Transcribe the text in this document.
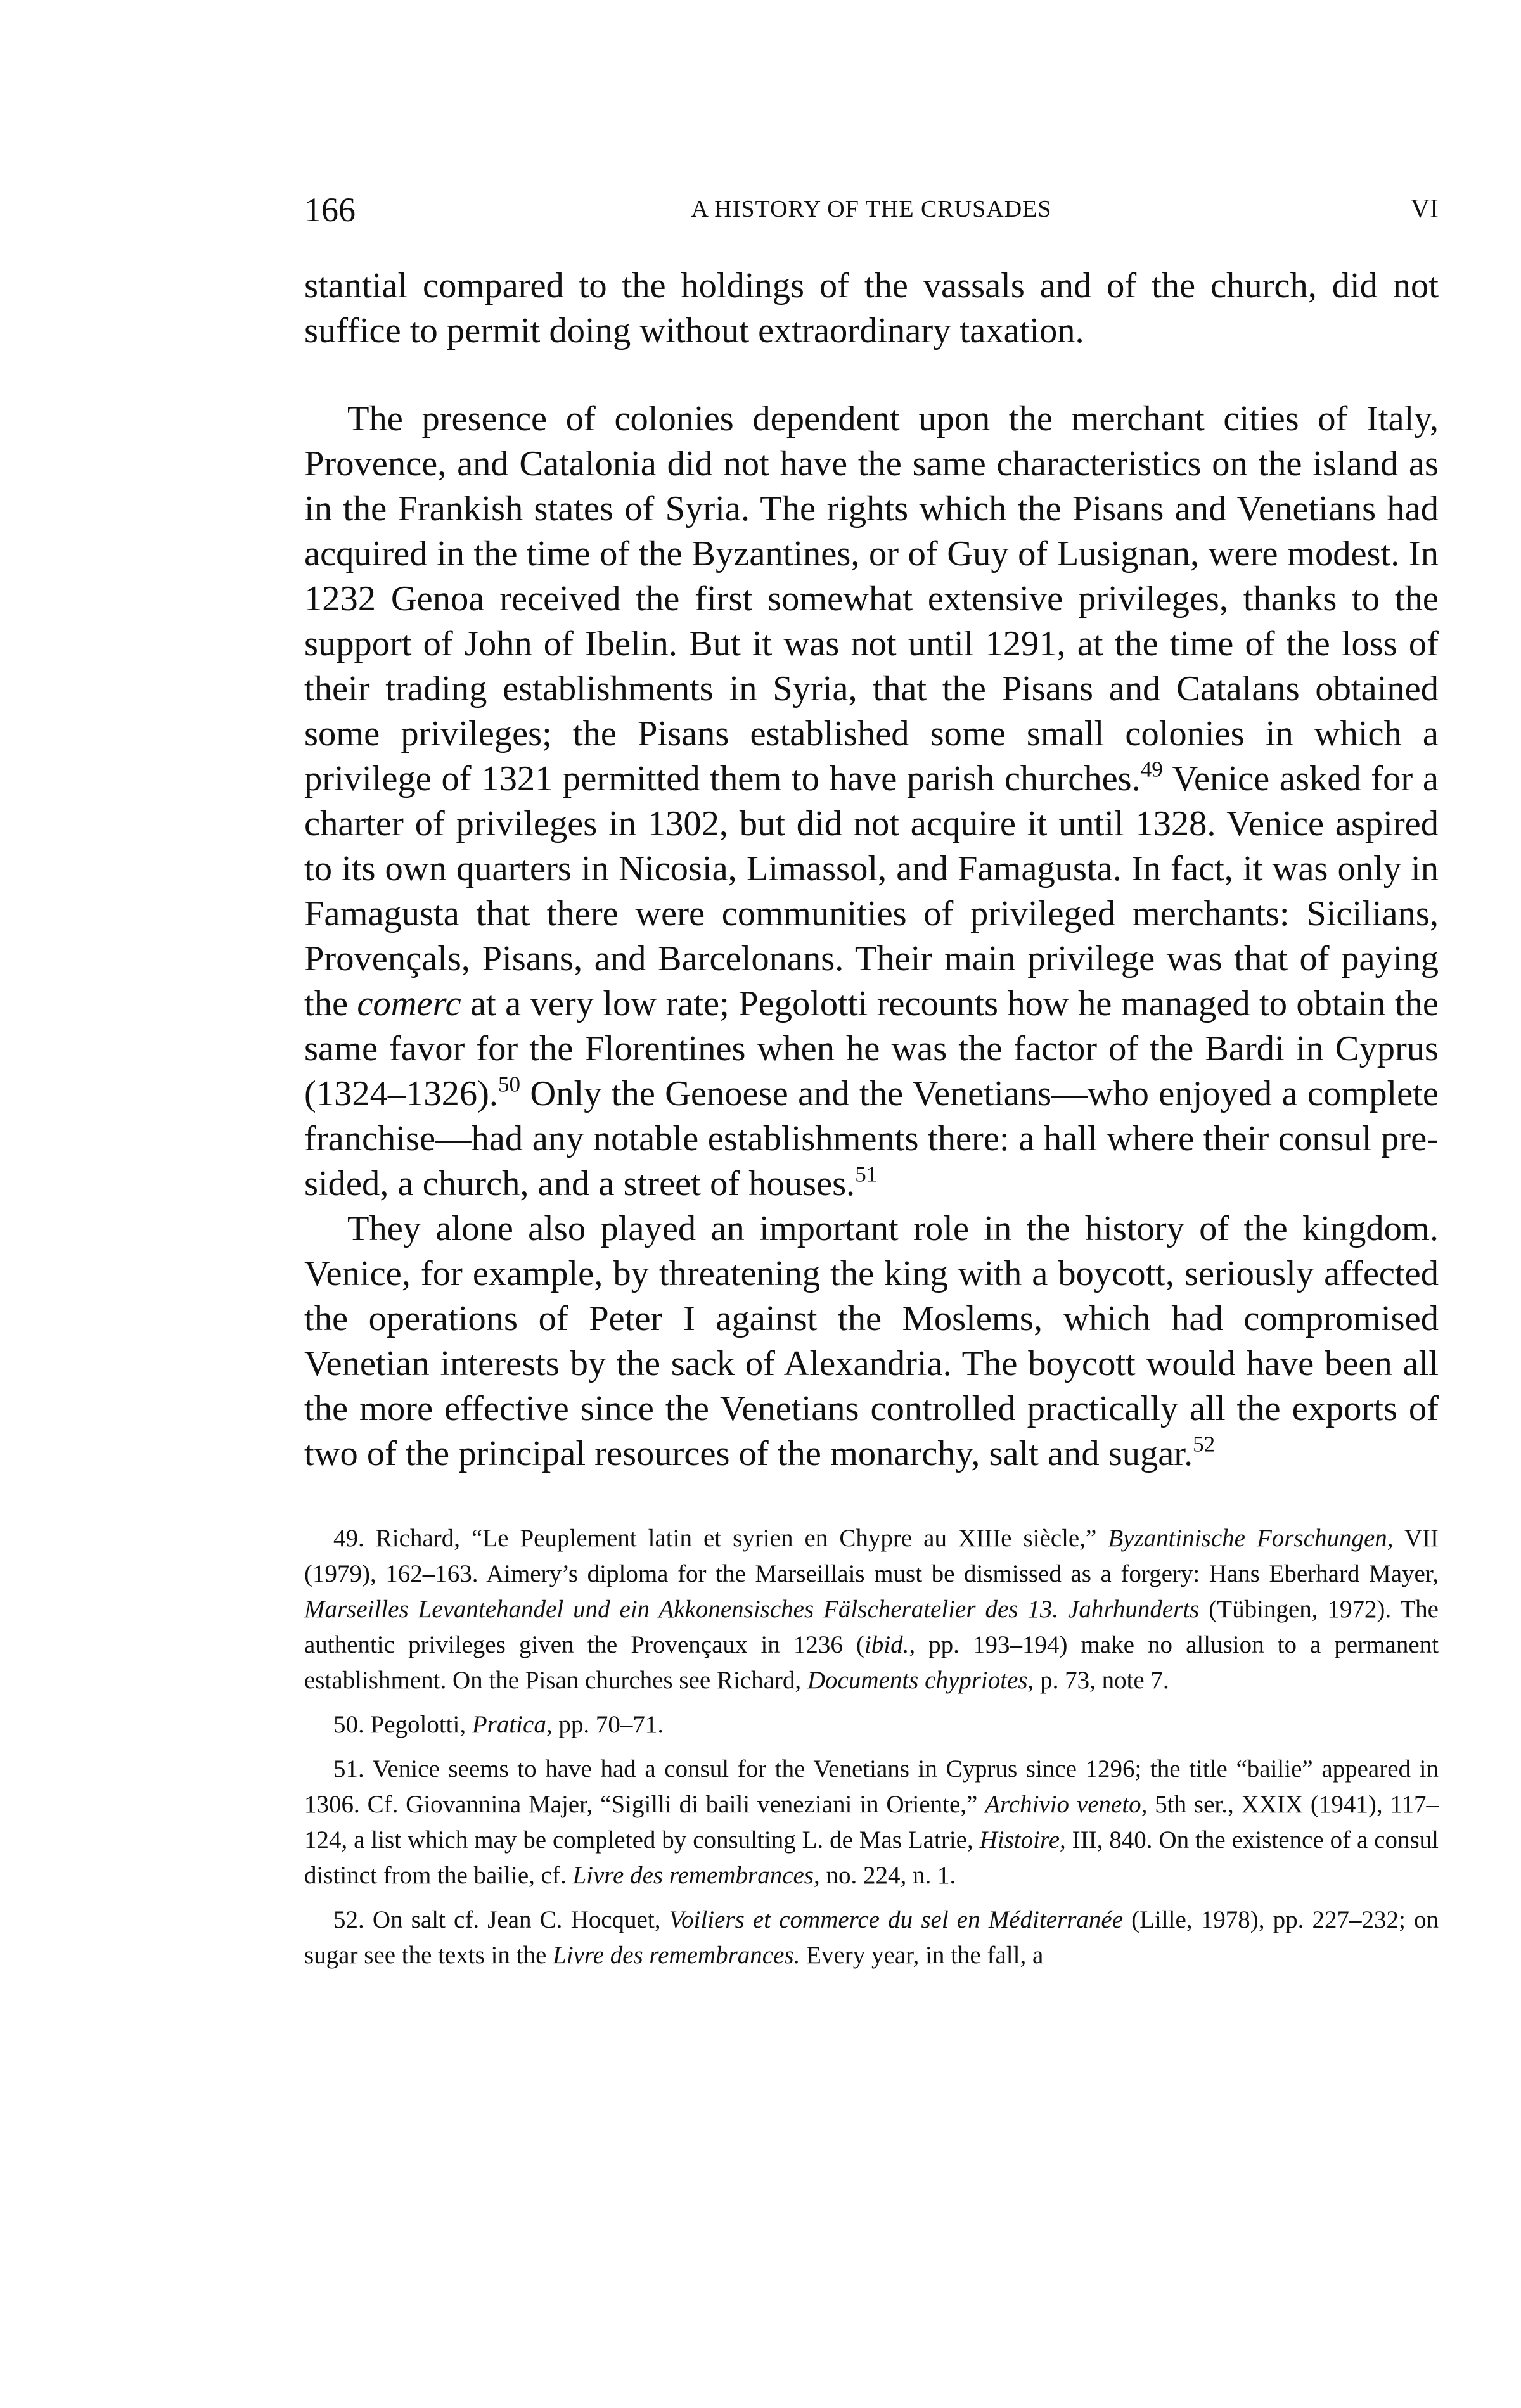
166	A HISTORY OF THE CRUSADES	VI

stantial compared to the holdings of the vassals and of the church, did not suffice to permit doing without extraordinary taxation.

The presence of colonies dependent upon the merchant cities of Italy, Provence, and Catalonia did not have the same characteristics on the island as in the Frankish states of Syria. The rights which the Pisans and Venetians had acquired in the time of the Byzantines, or of Guy of Lusignan, were modest. In 1232 Genoa received the first somewhat extensive privileges, thanks to the support of John of Ibelin. But it was not until 1291, at the time of the loss of their trading establishments in Syria, that the Pisans and Catalans obtained some privileges; the Pisans established some small colonies in which a privilege of 1321 permitted them to have parish churches.$^{49}$ Venice asked for a charter of privileges in 1302, but did not acquire it until 1328. Venice aspired to its own quarters in Nicosia, Limassol, and Famagusta. In fact, it was only in Famagusta that there were communities of privileged merchants: Sicilians, Provençals, Pisans, and Barcelonans. Their main privilege was that of paying the comerc at a very low rate; Pegolotti recounts how he managed to obtain the same favor for the Florentines when he was the factor of the Bardi in Cyprus (1324–1326).$^{50}$ Only the Genoese and the Venetians—who enjoyed a complete franchise—had any notable establishments there: a hall where their consul presided, a church, and a street of houses.$^{51}$

They alone also played an important role in the history of the kingdom. Venice, for example, by threatening the king with a boycott, seriously affected the operations of Peter I against the Moslems, which had compromised Venetian interests by the sack of Alexandria. The boycott would have been all the more effective since the Venetians controlled practically all the exports of two of the principal resources of the monarchy, salt and sugar.$^{52}$

49. Richard, “Le Peuplement latin et syrien en Chypre au XIIIe siècle,” Byzantinische Forschungen, VII (1979), 162–163. Aimery’s diploma for the Marseillais must be dismissed as a forgery: Hans Eberhard Mayer, Marseilles Levantehandel und ein Akkonensisches Fälscheratelier des 13. Jahrhunderts (Tübingen, 1972). The authentic privileges given the Provençaux in 1236 (ibid., pp. 193–194) make no allusion to a permanent establishment. On the Pisan churches see Richard, Documents chypriotes, p. 73, note 7.

50. Pegolotti, Pratica, pp. 70–71.

51. Venice seems to have had a consul for the Venetians in Cyprus since 1296; the title “bailie” appeared in 1306. Cf. Giovannina Majer, “Sigilli di baili veneziani in Oriente,” Archivio veneto, 5th ser., XXIX (1941), 117–124, a list which may be completed by consulting L. de Mas Latrie, Histoire, III, 840. On the existence of a consul distinct from the bailie, cf. Livre des remembrances, no. 224, n. 1.

52. On salt cf. Jean C. Hocquet, Voiliers et commerce du sel en Méditerranée (Lille, 1978), pp. 227–232; on sugar see the texts in the Livre des remembrances. Every year, in the fall, a
